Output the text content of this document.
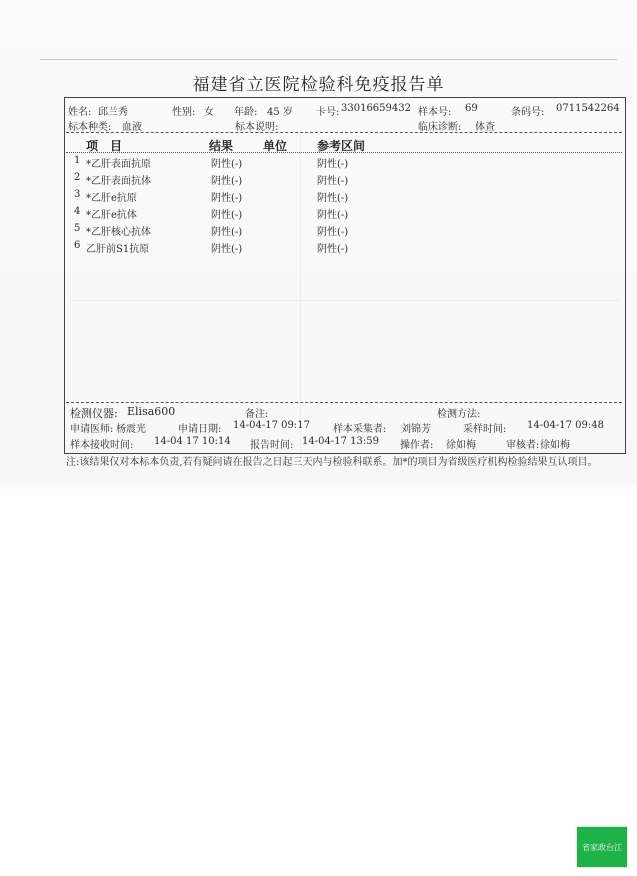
福建省立医院检验科免疫报告单
姓名: 邱兰秀	性别: 女 年龄: 45 岁 卡号: 33016659432 样本号: 69	条码号: 0711542264
标本种类: 血液	标本说明:	临床诊断: 体查
项　目	结果 单位 参考区间
1 *乙肝表面抗原	阴性(-)	阴性(-)
2 *乙肝表面抗体	阴性(-)	阴性(-)
3 *乙肝e抗原	阴性(-)	阴性(-)
4 *乙肝e抗体	阴性(-)	阴性(-)
5 *乙肝核心抗体	阴性(-)	阴性(-)
6 乙肝前S1抗原	阴性(-)	阴性(-)
检测仪器: Elisa600	备注:	检测方法:
申请医师: 杨震光	申请日期: 14-04-17 09:17 样本采集者: 刘锦芳	采样时间: 14-04-17 09:48
样本接收时间: 14-04 17 10:14 报告时间: 14-04-17 13:59 操作者: 徐如梅	审核者: 徐如梅
注:该结果仅对本标本负责,若有疑问请在报告之日起三天内与检验科联系。加*的项目为省级医疗机构检验结果互认项目。
省家政台江
